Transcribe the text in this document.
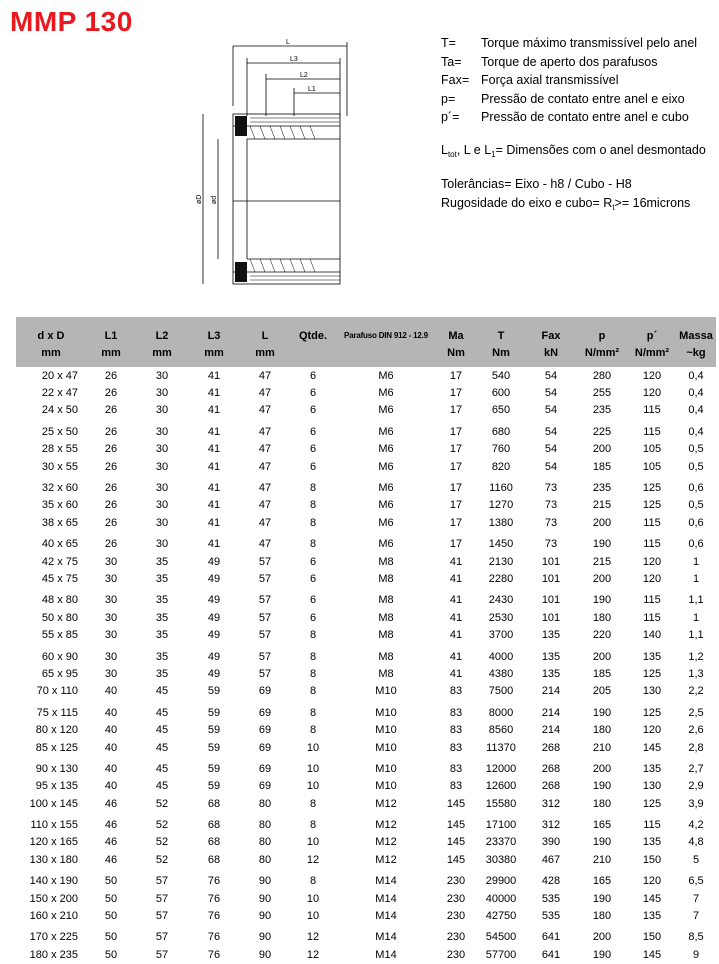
MMP 130
L
L3
L2
L1
øD ød
T=	Torque máximo transmissível pelo anel
Ta=	Torque de aperto dos parafusos
Fax= Força axial transmissível
p=	Pressão de contato entre anel e eixo
p´=	Pressão de contato entre anel e cubo
$L_{tot}$, L e $L_1=$ Dimensões com o anel desmontado
Tolerâncias= Eixo - h8 / Cubo - H8
Rugosidade do eixo e cubo= $R_t>=$ 16microns
d x D	L1	L2	L3	L	Qtde.	Parafuso DIN 912 - 12.9	Ma	T	Fax	p	p´	Massa
mm	mm	mm	mm	mm			Nm	Nm	kN	N/mm²	N/mm²	~kg
20 x 47	26	30	41	47	6	M6	17	540	54	280	120	0,4
22 x 47	26	30	41	47	6	M6	17	600	54	255	120	0,4
24 x 50	26	30	41	47	6	M6	17	650	54	235	115	0,4
25 x 50	26	30	41	47	6	M6	17	680	54	225	115	0,4
28 x 55	26	30	41	47	6	M6	17	760	54	200	105	0,5
30 x 55	26	30	41	47	6	M6	17	820	54	185	105	0,5
32 x 60	26	30	41	47	8	M6	17	1160	73	235	125	0,6
35 x 60	26	30	41	47	8	M6	17	1270	73	215	125	0,5
38 x 65	26	30	41	47	8	M6	17	1380	73	200	115	0,6
40 x 65	26	30	41	47	8	M6	17	1450	73	190	115	0,6
42 x 75	30	35	49	57	6	M8	41	2130	101	215	120	1
45 x 75	30	35	49	57	6	M8	41	2280	101	200	120	1
48 x 80	30	35	49	57	6	M8	41	2430	101	190	115	1,1
50 x 80	30	35	49	57	6	M8	41	2530	101	180	115	1
55 x 85	30	35	49	57	8	M8	41	3700	135	220	140	1,1
60 x 90	30	35	49	57	8	M8	41	4000	135	200	135	1,2
65 x 95	30	35	49	57	8	M8	41	4380	135	185	125	1,3
70 x 110	40	45	59	69	8	M10	83	7500	214	205	130	2,2
75 x 115	40	45	59	69	8	M10	83	8000	214	190	125	2,5
80 x 120	40	45	59	69	8	M10	83	8560	214	180	120	2,6
85 x 125	40	45	59	69	10	M10	83	11370	268	210	145	2,8
90 x 130	40	45	59	69	10	M10	83	12000	268	200	135	2,7
95 x 135	40	45	59	69	10	M10	83	12600	268	190	130	2,9
100 x 145	46	52	68	80	8	M12	145	15580	312	180	125	3,9
110 x 155	46	52	68	80	8	M12	145	17100	312	165	115	4,2
120 x 165	46	52	68	80	10	M12	145	23370	390	190	135	4,8
130 x 180	46	52	68	80	12	M12	145	30380	467	210	150	5
140 x 190	50	57	76	90	8	M14	230	29900	428	165	120	6,5
150 x 200	50	57	76	90	10	M14	230	40000	535	190	145	7
160 x 210	50	57	76	90	10	M14	230	42750	535	180	135	7
170 x 225	50	57	76	90	12	M14	230	54500	641	200	150	8,5
180 x 235	50	57	76	90	12	M14	230	57700	641	190	145	9
